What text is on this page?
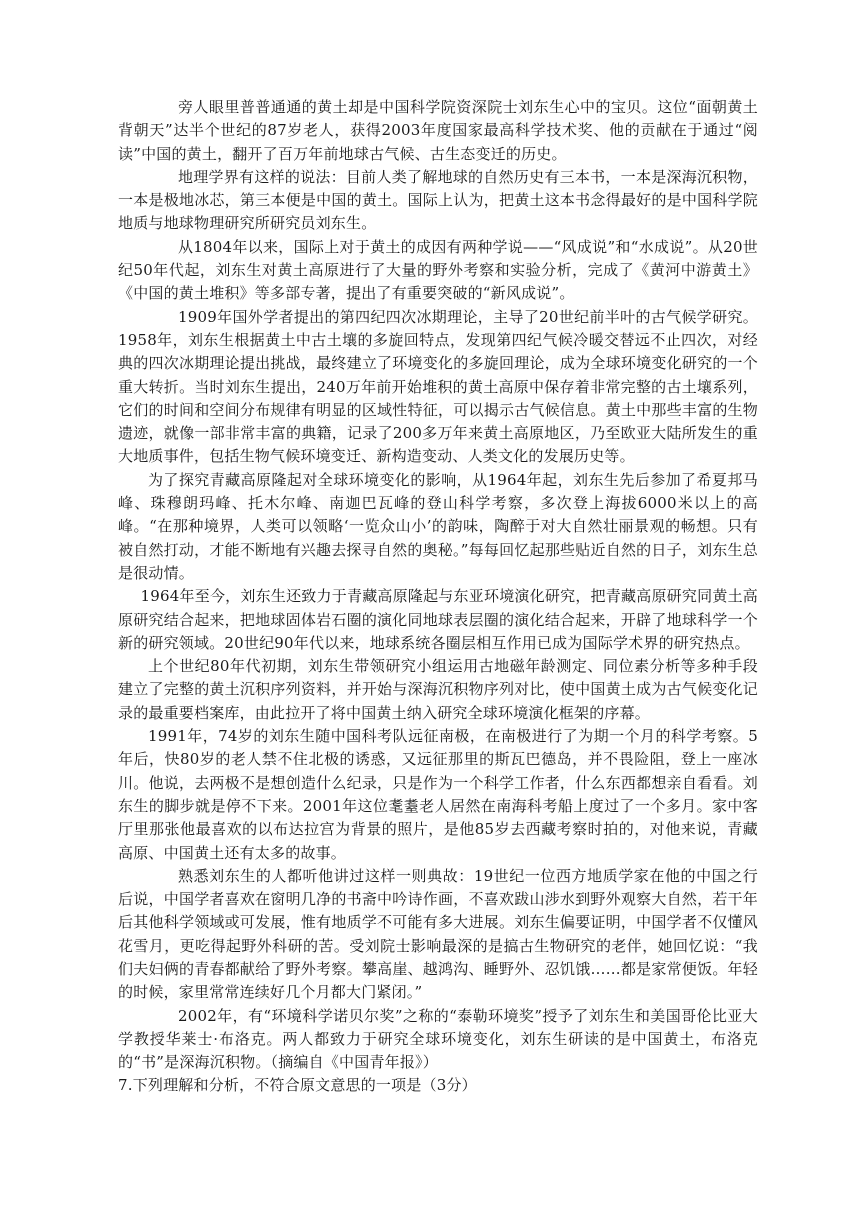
旁人眼里普普通通的黄土却是中国科学院资深院士刘东生心中的宝贝。这位“面朝黄土背朝天”达半个世纪的87岁老人，获得2003年度国家最高科学技术奖、他的贡献在于通过“阅读”中国的黄土，翻开了百万年前地球古气候、古生态变迁的历史。

地理学界有这样的说法：目前人类了解地球的自然历史有三本书，一本是深海沉积物，一本是极地冰芯，第三本便是中国的黄土。国际上认为，把黄土这本书念得最好的是中国科学院地质与地球物理研究所研究员刘东生。

从1804年以来，国际上对于黄土的成因有两种学说——“风成说”和“水成说”。从20世纪50年代起，刘东生对黄土高原进行了大量的野外考察和实验分析，完成了《黄河中游黄土》《中国的黄土堆积》等多部专著，提出了有重要突破的“新风成说”。

1909年国外学者提出的第四纪四次冰期理论，主导了20世纪前半叶的古气候学研究。1958年，刘东生根据黄土中古土壤的多旋回特点，发现第四纪气候冷暖交替远不止四次，对经典的四次冰期理论提出挑战，最终建立了环境变化的多旋回理论，成为全球环境变化研究的一个重大转折。当时刘东生提出，240万年前开始堆积的黄土高原中保存着非常完整的古土壤系列，它们的时间和空间分布规律有明显的区域性特征，可以揭示古气候信息。黄土中那些丰富的生物遗迹，就像一部非常丰富的典籍，记录了200多万年来黄土高原地区，乃至欧亚大陆所发生的重大地质事件，包括生物气候环境变迁、新构造变动、人类文化的发展历史等。

为了探究青藏高原隆起对全球环境变化的影响，从1964年起，刘东生先后参加了希夏邦马峰、珠穆朗玛峰、托木尔峰、南迦巴瓦峰的登山科学考察，多次登上海拔6000米以上的高峰。“在那种境界，人类可以领略‘一览众山小’的韵味，陶醉于对大自然壮丽景观的畅想。只有被自然打动，才能不断地有兴趣去探寻自然的奥秘。”每每回忆起那些贴近自然的日子，刘东生总是很动情。

1964年至今，刘东生还致力于青藏高原隆起与东亚环境演化研究，把青藏高原研究同黄土高原研究结合起来，把地球固体岩石圈的演化同地球表层圈的演化结合起来，开辟了地球科学一个新的研究领域。20世纪90年代以来，地球系统各圈层相互作用已成为国际学术界的研究热点。

上个世纪80年代初期，刘东生带领研究小组运用古地磁年龄测定、同位素分析等多种手段建立了完整的黄土沉积序列资料，并开始与深海沉积物序列对比，使中国黄土成为古气候变化记录的最重要档案库，由此拉开了将中国黄土纳入研究全球环境演化框架的序幕。

1991年，74岁的刘东生随中国科考队远征南极，在南极进行了为期一个月的科学考察。5年后，快80岁的老人禁不住北极的诱惑，又远征那里的斯瓦巴德岛，并不畏险阻，登上一座冰川。他说，去两极不是想创造什么纪录，只是作为一个科学工作者，什么东西都想亲自看看。刘东生的脚步就是停不下来。2001年这位耄耋老人居然在南海科考船上度过了一个多月。家中客厅里那张他最喜欢的以布达拉宫为背景的照片，是他85岁去西藏考察时拍的，对他来说，青藏高原、中国黄土还有太多的故事。

熟悉刘东生的人都听他讲过这样一则典故：19世纪一位西方地质学家在他的中国之行后说，中国学者喜欢在窗明几净的书斋中吟诗作画，不喜欢跋山涉水到野外观察大自然，若干年后其他科学领域或可发展，惟有地质学不可能有多大进展。刘东生偏要证明，中国学者不仅懂风花雪月，更吃得起野外科研的苦。受刘院士影响最深的是搞古生物研究的老伴，她回忆说：“我们夫妇俩的青春都献给了野外考察。攀高崖、越鸿沟、睡野外、忍饥饿……都是家常便饭。年轻的时候，家里常常连续好几个月都大门紧闭。”

2002年，有“环境科学诺贝尔奖”之称的“泰勒环境奖”授予了刘东生和美国哥伦比亚大学教授华莱士·布洛克。两人都致力于研究全球环境变化，刘东生研读的是中国黄土，布洛克的“书”是深海沉积物。（摘编自《中国青年报》）

7.下列理解和分析，不符合原文意思的一项是（3分）
